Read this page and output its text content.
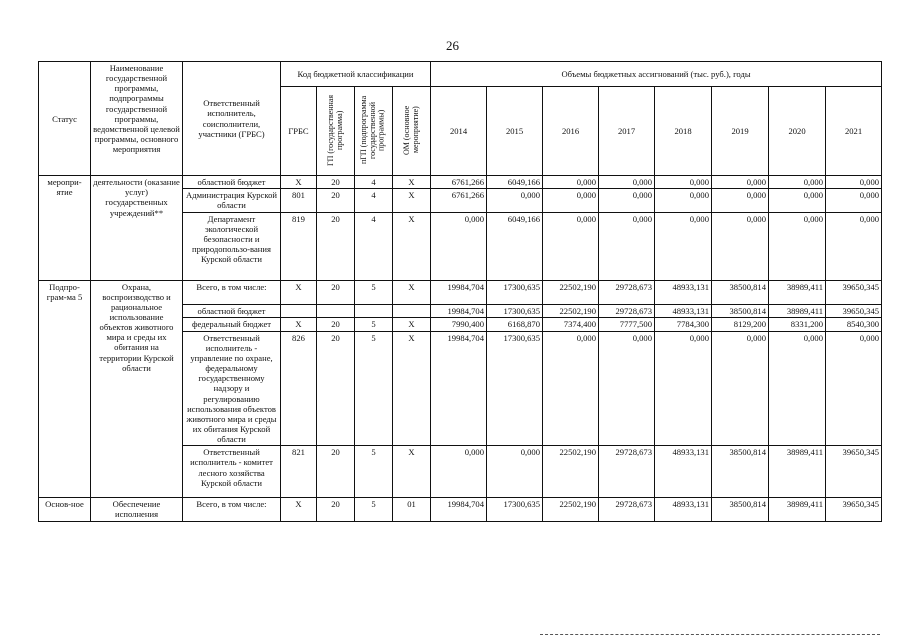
26
Статус	Наименование государственной программы, подпрограммы государственной программы, ведомственной целевой программы, основного мероприятия	Ответственный исполнитель, соисполнители, участники (ГРБС)	Код бюджетной классификации				Объемы бюджетных ассигнований (тыс. руб.), годы							
			ГРБС	ГП (государственная программа)	пГП (подпрограмма государственной программы)	ОМ (основное мероприятие)	2014	2015	2016	2017	2018	2019	2020	2021
меропри-ятие	деятельности (оказание услуг) государственных учреждений**	областной бюджет	Х	20	4	Х	6761,266	6049,166	0,000	0,000	0,000	0,000	0,000	0,000
		Администрация Курской области	801	20	4	Х	6761,266	0,000	0,000	0,000	0,000	0,000	0,000	0,000
		Департамент экологической безопасности и природопользо-вания Курской области	819	20	4	Х	0,000	6049,166	0,000	0,000	0,000	0,000	0,000	0,000
Подпро-грам-ма 5	Охрана, воспроизводство и рациональное использование объектов животного мира и среды их обитания на территории Курской области	Всего, в том числе:	Х	20	5	Х	19984,704	17300,635	22502,190	29728,673	48933,131	38500,814	38989,411	39650,345
		областной бюджет					19984,704	17300,635	22502,190	29728,673	48933,131	38500,814	38989,411	39650,345
		федеральный бюджет	Х	20	5	Х	7990,400	6168,870	7374,400	7777,500	7784,300	8129,200	8331,200	8540,300
		Ответственный исполнитель - управление по охране, федеральному государственному надзору и регулированию использования объектов животного мира и среды их обитания Курской области	826	20	5	Х	19984,704	17300,635	0,000	0,000	0,000	0,000	0,000	0,000
		Ответственный исполнитель - комитет лесного хозяйства Курской области	821	20	5	Х	0,000	0,000	22502,190	29728,673	48933,131	38500,814	38989,411	39650,345
Основ-ное	Обеспечение исполнения	Всего, в том числе:	Х	20	5	01	19984,704	17300,635	22502,190	29728,673	48933,131	38500,814	38989,411	39650,345
